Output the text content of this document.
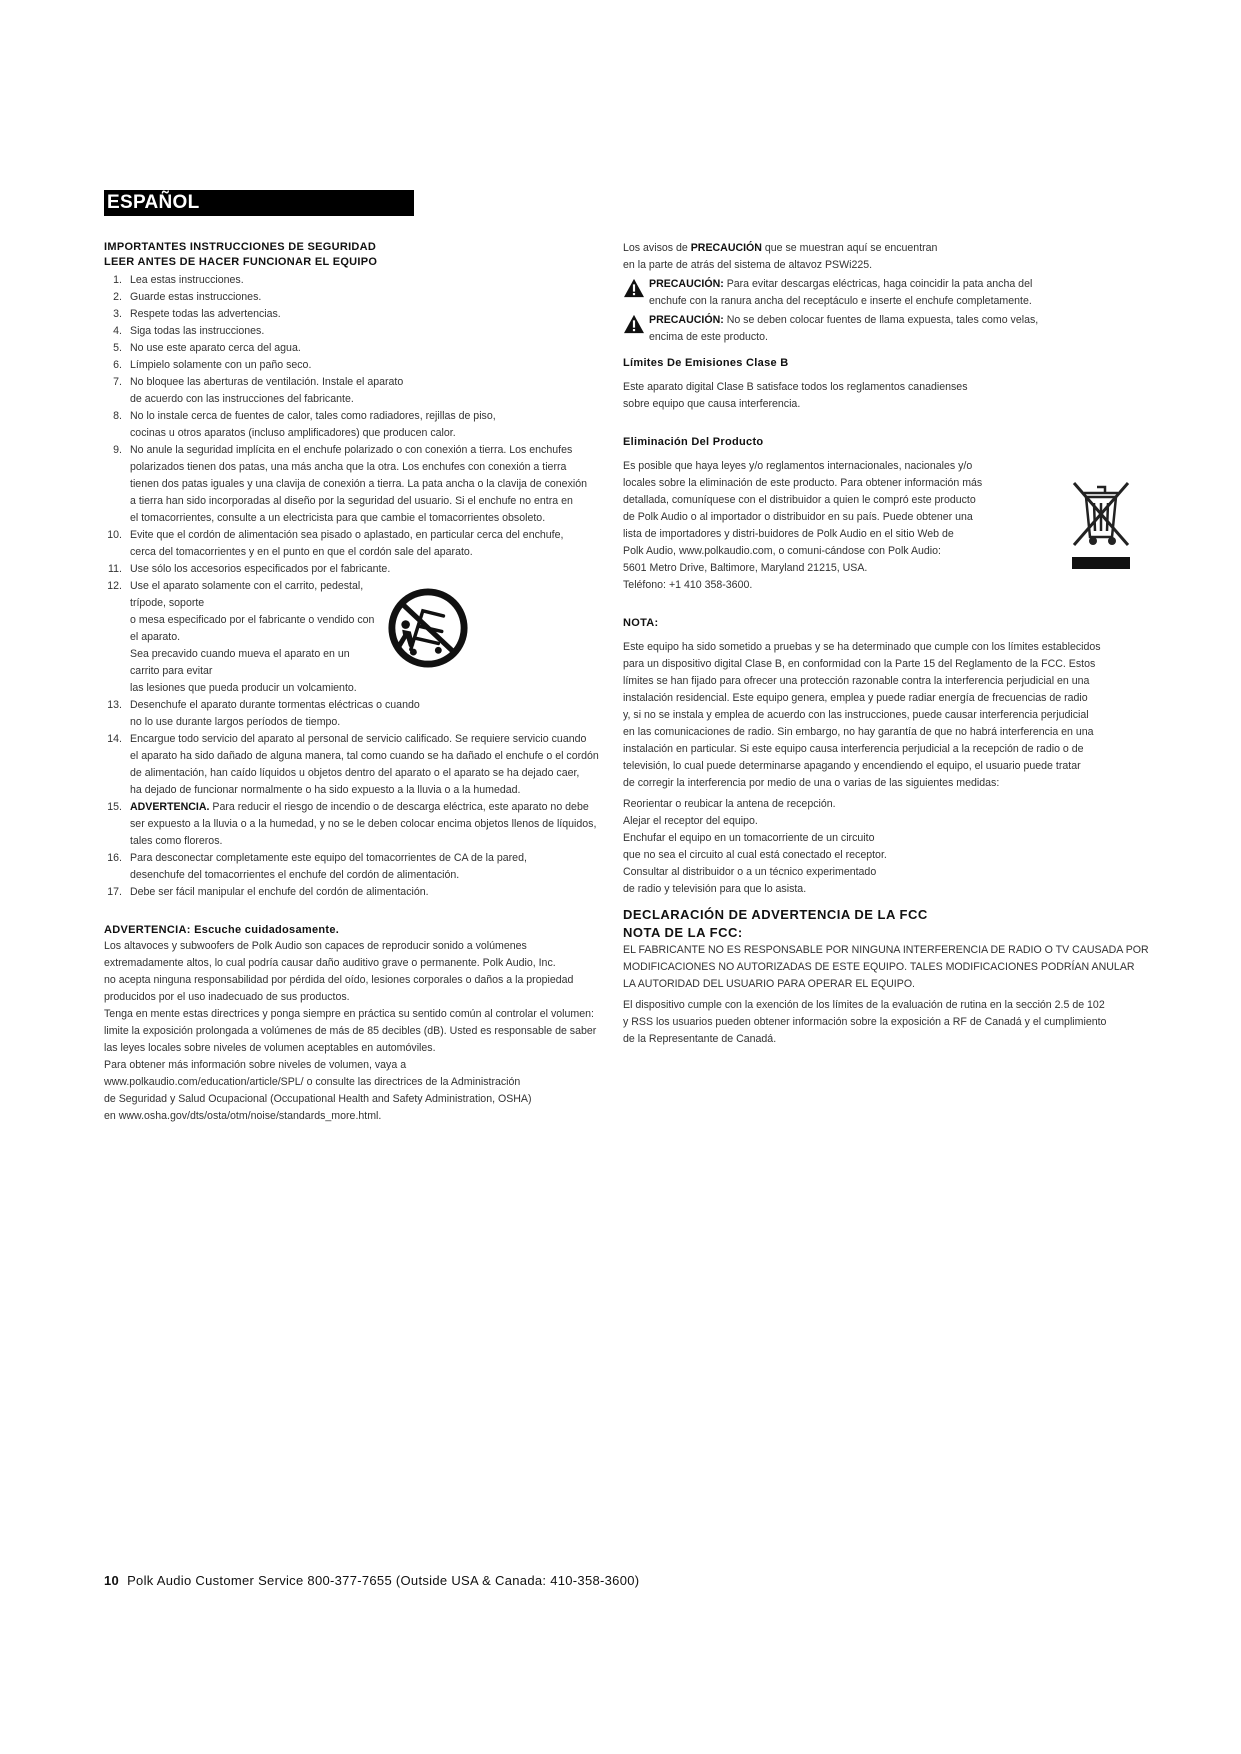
ESPAÑOL
IMPORTANTES INSTRUCCIONES DE SEGURIDAD
LEER ANTES DE HACER FUNCIONAR EL EQUIPO
1. Lea estas instrucciones.
2. Guarde estas instrucciones.
3. Respete todas las advertencias.
4. Siga todas las instrucciones.
5. No use este aparato cerca del agua.
6. Límpielo solamente con un paño seco.
7. No bloquee las aberturas de ventilación. Instale el aparato
de acuerdo con las instrucciones del fabricante.
8. No lo instale cerca de fuentes de calor, tales como radiadores, rejillas de piso,
cocinas u otros aparatos (incluso amplificadores) que producen calor.
9. No anule la seguridad implícita en el enchufe polarizado o con conexión a tierra. Los enchufes
polarizados tienen dos patas, una más ancha que la otra. Los enchufes con conexión a tierra
tienen dos patas iguales y una clavija de conexión a tierra. La pata ancha o la clavija de conexión
a tierra han sido incorporadas al diseño por la seguridad del usuario. Si el enchufe no entra en
el tomacorrientes, consulte a un electricista para que cambie el tomacorrientes obsoleto.
10. Evite que el cordón de alimentación sea pisado o aplastado, en particular cerca del enchufe,
cerca del tomacorrientes y en el punto en que el cordón sale del aparato.
11. Use sólo los accesorios especificados por el fabricante.
12. Use el aparato solamente con el carrito, pedestal,
trípode, soporte
o mesa especificado por el fabricante o vendido con
el aparato.
Sea precavido cuando mueva el aparato en un
carrito para evitar
las lesiones que pueda producir un volcamiento.
13. Desenchufe el aparato durante tormentas eléctricas o cuando
no lo use durante largos períodos de tiempo.
14. Encargue todo servicio del aparato al personal de servicio calificado. Se requiere servicio cuando
el aparato ha sido dañado de alguna manera, tal como cuando se ha dañado el enchufe o el cordón
de alimentación, han caído líquidos u objetos dentro del aparato o el aparato se ha dejado caer,
ha dejado de funcionar normalmente o ha sido expuesto a la lluvia o a la humedad.
15. ADVERTENCIA. Para reducir el riesgo de incendio o de descarga eléctrica, este aparato no debe
ser expuesto a la lluvia o a la humedad, y no se le deben colocar encima objetos llenos de líquidos,
tales como floreros.
16. Para desconectar completamente este equipo del tomacorrientes de CA de la pared,
desenchufe del tomacorrientes el enchufe del cordón de alimentación.
17. Debe ser fácil manipular el enchufe del cordón de alimentación.
ADVERTENCIA: Escuche cuidadosamente.

Los altavoces y subwoofers de Polk Audio son capaces de reproducir sonido a volúmenes
extremadamente altos, lo cual podría causar daño auditivo grave o permanente. Polk Audio, Inc.
no acepta ninguna responsabilidad por pérdida del oído, lesiones corporales o daños a la propiedad
producidos por el uso inadecuado de sus productos.

Tenga en mente estas directrices y ponga siempre en práctica su sentido común al controlar el volumen:
limite la exposición prolongada a volúmenes de más de 85 decibles (dB). Usted es responsable de saber
las leyes locales sobre niveles de volumen aceptables en automóviles.

Para obtener más información sobre niveles de volumen, vaya a
www.polkaudio.com/education/article/SPL/ o consulte las directrices de la Administración
de Seguridad y Salud Ocupacional (Occupational Health and Safety Administration, OSHA)
en www.osha.gov/dts/osta/otm/noise/standards_more.html.

Los avisos de PRECAUCIÓN que se muestran aquí se encuentran
en la parte de atrás del sistema de altavoz PSWi225.

PRECAUCIÓN: Para evitar descargas eléctricas, haga coincidir la pata ancha del
enchufe con la ranura ancha del receptáculo e inserte el enchufe completamente.

PRECAUCIÓN: No se deben colocar fuentes de llama expuesta, tales como velas,
encima de este producto.

Límites De Emisiones Clase B

Este aparato digital Clase B satisface todos los reglamentos canadienses
sobre equipo que causa interferencia.

Eliminación Del Producto

Es posible que haya leyes y/o reglamentos internacionales, nacionales y/o
locales sobre la eliminación de este producto. Para obtener información más
detallada, comuníquese con el distribuidor a quien le compró este producto
de Polk Audio o al importador o distribuidor en su país. Puede obtener una
lista de importadores y distri-buidores de Polk Audio en el sitio Web de
Polk Audio, www.polkaudio.com, o comuni-cándose con Polk Audio:
5601 Metro Drive, Baltimore, Maryland 21215, USA.
Teléfono: +1 410 358-3600.

NOTA:

Este equipo ha sido sometido a pruebas y se ha determinado que cumple con los límites establecidos
para un dispositivo digital Clase B, en conformidad con la Parte 15 del Reglamento de la FCC. Estos
límites se han fijado para ofrecer una protección razonable contra la interferencia perjudicial en una
instalación residencial. Este equipo genera, emplea y puede radiar energía de frecuencias de radio
y, si no se instala y emplea de acuerdo con las instrucciones, puede causar interferencia perjudicial
en las comunicaciones de radio. Sin embargo, no hay garantía de que no habrá interferencia en una
instalación en particular. Si este equipo causa interferencia perjudicial a la recepción de radio o de
televisión, lo cual puede determinarse apagando y encendiendo el equipo, el usuario puede tratar
de corregir la interferencia por medio de una o varias de las siguientes medidas:

Reorientar o reubicar la antena de recepción.
Alejar el receptor del equipo.
Enchufar el equipo en un tomacorriente de un circuito
que no sea el circuito al cual está conectado el receptor.
Consultar al distribuidor o a un técnico experimentado
de radio y televisión para que lo asista.

DECLARACIÓN DE ADVERTENCIA DE LA FCC
NOTA DE LA FCC:

EL FABRICANTE NO ES RESPONSABLE POR NINGUNA INTERFERENCIA DE RADIO O TV CAUSADA POR
MODIFICACIONES NO AUTORIZADAS DE ESTE EQUIPO. TALES MODIFICACIONES PODRÍAN ANULAR
LA AUTORIDAD DEL USUARIO PARA OPERAR EL EQUIPO.

El dispositivo cumple con la exención de los límites de la evaluación de rutina en la sección 2.5 de 102
y RSS los usuarios pueden obtener información sobre la exposición a RF de Canadá y el cumplimiento
de la Representante de Canadá.

10 Polk Audio Customer Service 800-377-7655 (Outside USA & Canada: 410-358-3600)
